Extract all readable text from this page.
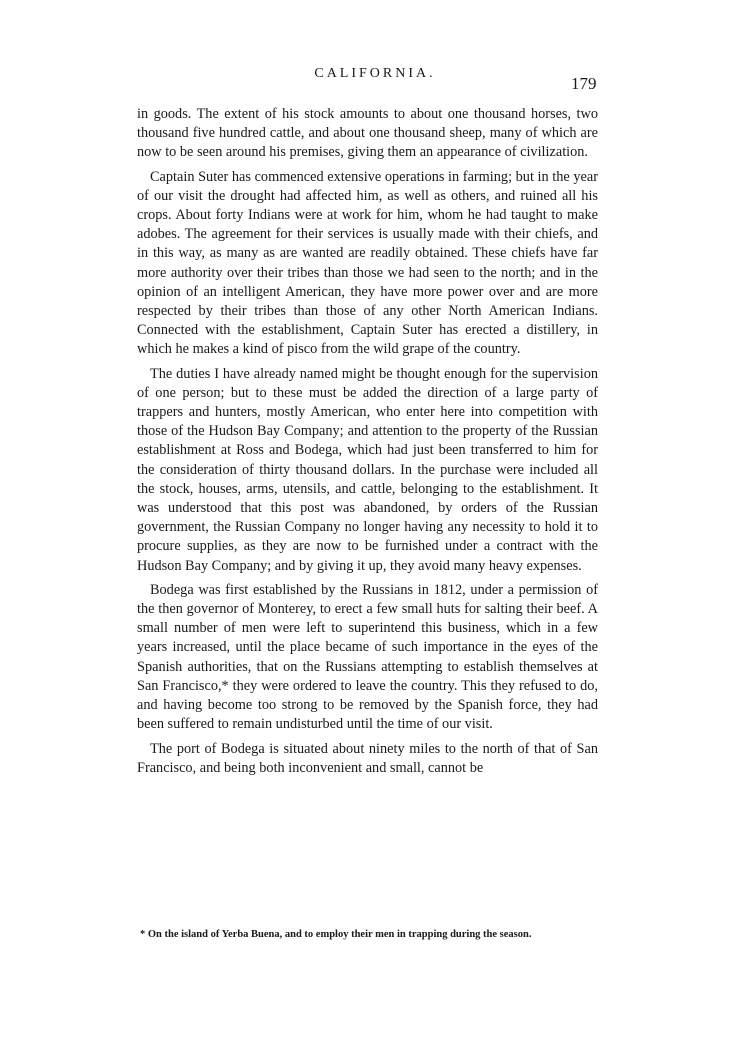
CALIFORNIA.
179

in goods. The extent of his stock amounts to about one thousand horses, two thousand five hundred cattle, and about one thousand sheep, many of which are now to be seen around his premises, giving them an appearance of civilization.

Captain Suter has commenced extensive operations in farming; but in the year of our visit the drought had affected him, as well as others, and ruined all his crops. About forty Indians were at work for him, whom he had taught to make adobes. The agreement for their services is usually made with their chiefs, and in this way, as many as are wanted are readily obtained. These chiefs have far more authority over their tribes than those we had seen to the north; and in the opinion of an intelligent American, they have more power over and are more respected by their tribes than those of any other North American Indians. Connected with the establishment, Captain Suter has erected a distillery, in which he makes a kind of pisco from the wild grape of the country.

The duties I have already named might be thought enough for the supervision of one person; but to these must be added the direction of a large party of trappers and hunters, mostly American, who enter here into competition with those of the Hudson Bay Company; and attention to the property of the Russian establishment at Ross and Bodega, which had just been transferred to him for the consideration of thirty thousand dollars. In the purchase were included all the stock, houses, arms, utensils, and cattle, belonging to the establishment. It was understood that this post was abandoned, by orders of the Russian government, the Russian Company no longer having any necessity to hold it to procure supplies, as they are now to be furnished under a contract with the Hudson Bay Company; and by giving it up, they avoid many heavy expenses.

Bodega was first established by the Russians in 1812, under a permission of the then governor of Monterey, to erect a few small huts for salting their beef. A small number of men were left to superintend this business, which in a few years increased, until the place became of such importance in the eyes of the Spanish authorities, that on the Russians attempting to establish themselves at San Francisco,* they were ordered to leave the country. This they refused to do, and having become too strong to be removed by the Spanish force, they had been suffered to remain undisturbed until the time of our visit.

The port of Bodega is situated about ninety miles to the north of that of San Francisco, and being both inconvenient and small, cannot be

* On the island of Yerba Buena, and to employ their men in trapping during the season.
